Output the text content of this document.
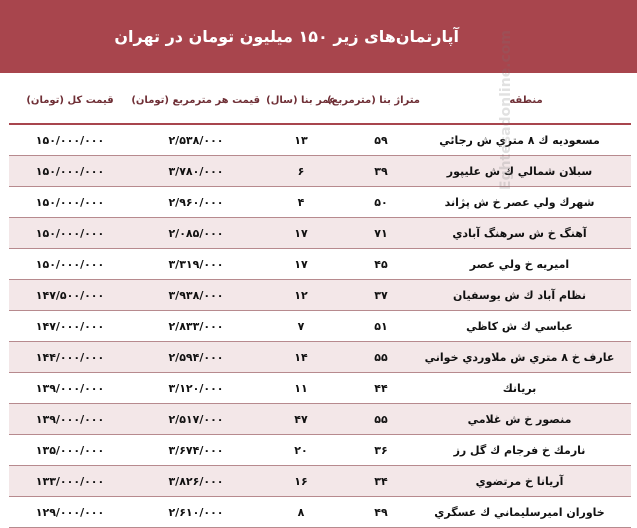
آپارتمان‌های زیر ۱۵۰ میلیون تومان در تهران
منطقه	متراژ بنا (مترمربع)	عمر بنا (سال)	قیمت هر مترمربع (تومان)	قیمت کل (تومان)
مسعودیه ك ۸ متري ش رجائي	۵۹	۱۳	۲/۵۳۸/۰۰۰	۱۵۰/۰۰۰/۰۰۰
سبلان شمالي ك ش عليپور	۳۹	۶	۳/۷۸۰/۰۰۰	۱۵۰/۰۰۰/۰۰۰
شهرك ولي عصر خ ش پژاند	۵۰	۴	۲/۹۶۰/۰۰۰	۱۵۰/۰۰۰/۰۰۰
آهنگ خ ش سرهنگ آبادي	۷۱	۱۷	۲/۰۸۵/۰۰۰	۱۵۰/۰۰۰/۰۰۰
اميريه خ ولي عصر	۴۵	۱۷	۳/۳۱۹/۰۰۰	۱۵۰/۰۰۰/۰۰۰
نظام آباد ك ش يوسفيان	۳۷	۱۲	۳/۹۳۸/۰۰۰	۱۴۷/۵۰۰/۰۰۰
عباسي ك ش كاظي	۵۱	۷	۲/۸۳۳/۰۰۰	۱۴۷/۰۰۰/۰۰۰
عارف خ ۸ متري ش ملاوردي خواني	۵۵	۱۴	۲/۵۹۴/۰۰۰	۱۴۴/۰۰۰/۰۰۰
بريانك	۴۴	۱۱	۳/۱۲۰/۰۰۰	۱۳۹/۰۰۰/۰۰۰
منصور خ ش غلامي	۵۵	۴۷	۲/۵۱۷/۰۰۰	۱۳۹/۰۰۰/۰۰۰
نارمك خ فرجام ك گل رز	۳۶	۲۰	۳/۶۷۴/۰۰۰	۱۳۵/۰۰۰/۰۰۰
آريانا خ مرتضوي	۳۴	۱۶	۳/۸۲۶/۰۰۰	۱۳۳/۰۰۰/۰۰۰
خاوران اميرسليماني ك عسگري	۴۹	۸	۲/۶۱۰/۰۰۰	۱۲۹/۰۰۰/۰۰۰
Eghtesadonline.com
